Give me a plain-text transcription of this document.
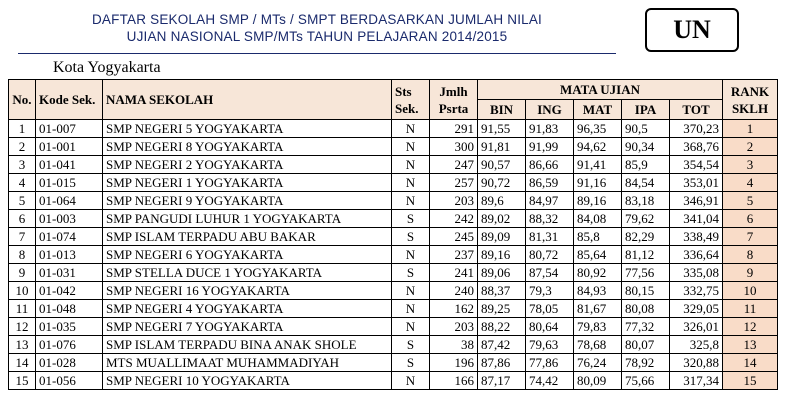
DAFTAR SEKOLAH SMP / MTs / SMPT BERDASARKAN JUMLAH NILAI
UJIAN NASIONAL SMP/MTs TAHUN PELAJARAN 2014/2015	UN
Kota Yogyakarta
No.	Kode Sek.	NAMA SEKOLAH	Sts Sek.	Jmlh Psrta	MATA UJIAN					RANK SKLH
					BIN	ING	MAT	IPA	TOT	
1	01-007	SMP NEGERI 5 YOGYAKARTA	N	291	91,55	91,83	96,35	90,5	370,23	1
2	01-001	SMP NEGERI 8 YOGYAKARTA	N	300	91,81	91,99	94,62	90,34	368,76	2
3	01-041	SMP NEGERI 2 YOGYAKARTA	N	247	90,57	86,66	91,41	85,9	354,54	3
4	01-015	SMP NEGERI 1 YOGYAKARTA	N	257	90,72	86,59	91,16	84,54	353,01	4
5	01-064	SMP NEGERI 9 YOGYAKARTA	N	203	89,6	84,97	89,16	83,18	346,91	5
6	01-003	SMP PANGUDI LUHUR 1 YOGYAKARTA	S	242	89,02	88,32	84,08	79,62	341,04	6
7	01-074	SMP ISLAM TERPADU ABU BAKAR	S	245	89,09	81,31	85,8	82,29	338,49	7
8	01-013	SMP NEGERI 6 YOGYAKARTA	N	237	89,16	80,72	85,64	81,12	336,64	8
9	01-031	SMP STELLA DUCE 1 YOGYAKARTA	S	241	89,06	87,54	80,92	77,56	335,08	9
10	01-042	SMP NEGERI 16 YOGYAKARTA	N	240	88,37	79,3	84,93	80,15	332,75	10
11	01-048	SMP NEGERI 4 YOGYAKARTA	N	162	89,25	78,05	81,67	80,08	329,05	11
12	01-035	SMP NEGERI 7 YOGYAKARTA	N	203	88,22	80,64	79,83	77,32	326,01	12
13	01-076	SMP ISLAM TERPADU BINA ANAK SHOLE	S	38	87,42	79,63	78,68	80,07	325,8	13
14	01-028	MTS MUALLIMAAT MUHAMMADIYAH	S	196	87,86	77,86	76,24	78,92	320,88	14
15	01-056	SMP NEGERI 10 YOGYAKARTA	N	166	87,17	74,42	80,09	75,66	317,34	15
